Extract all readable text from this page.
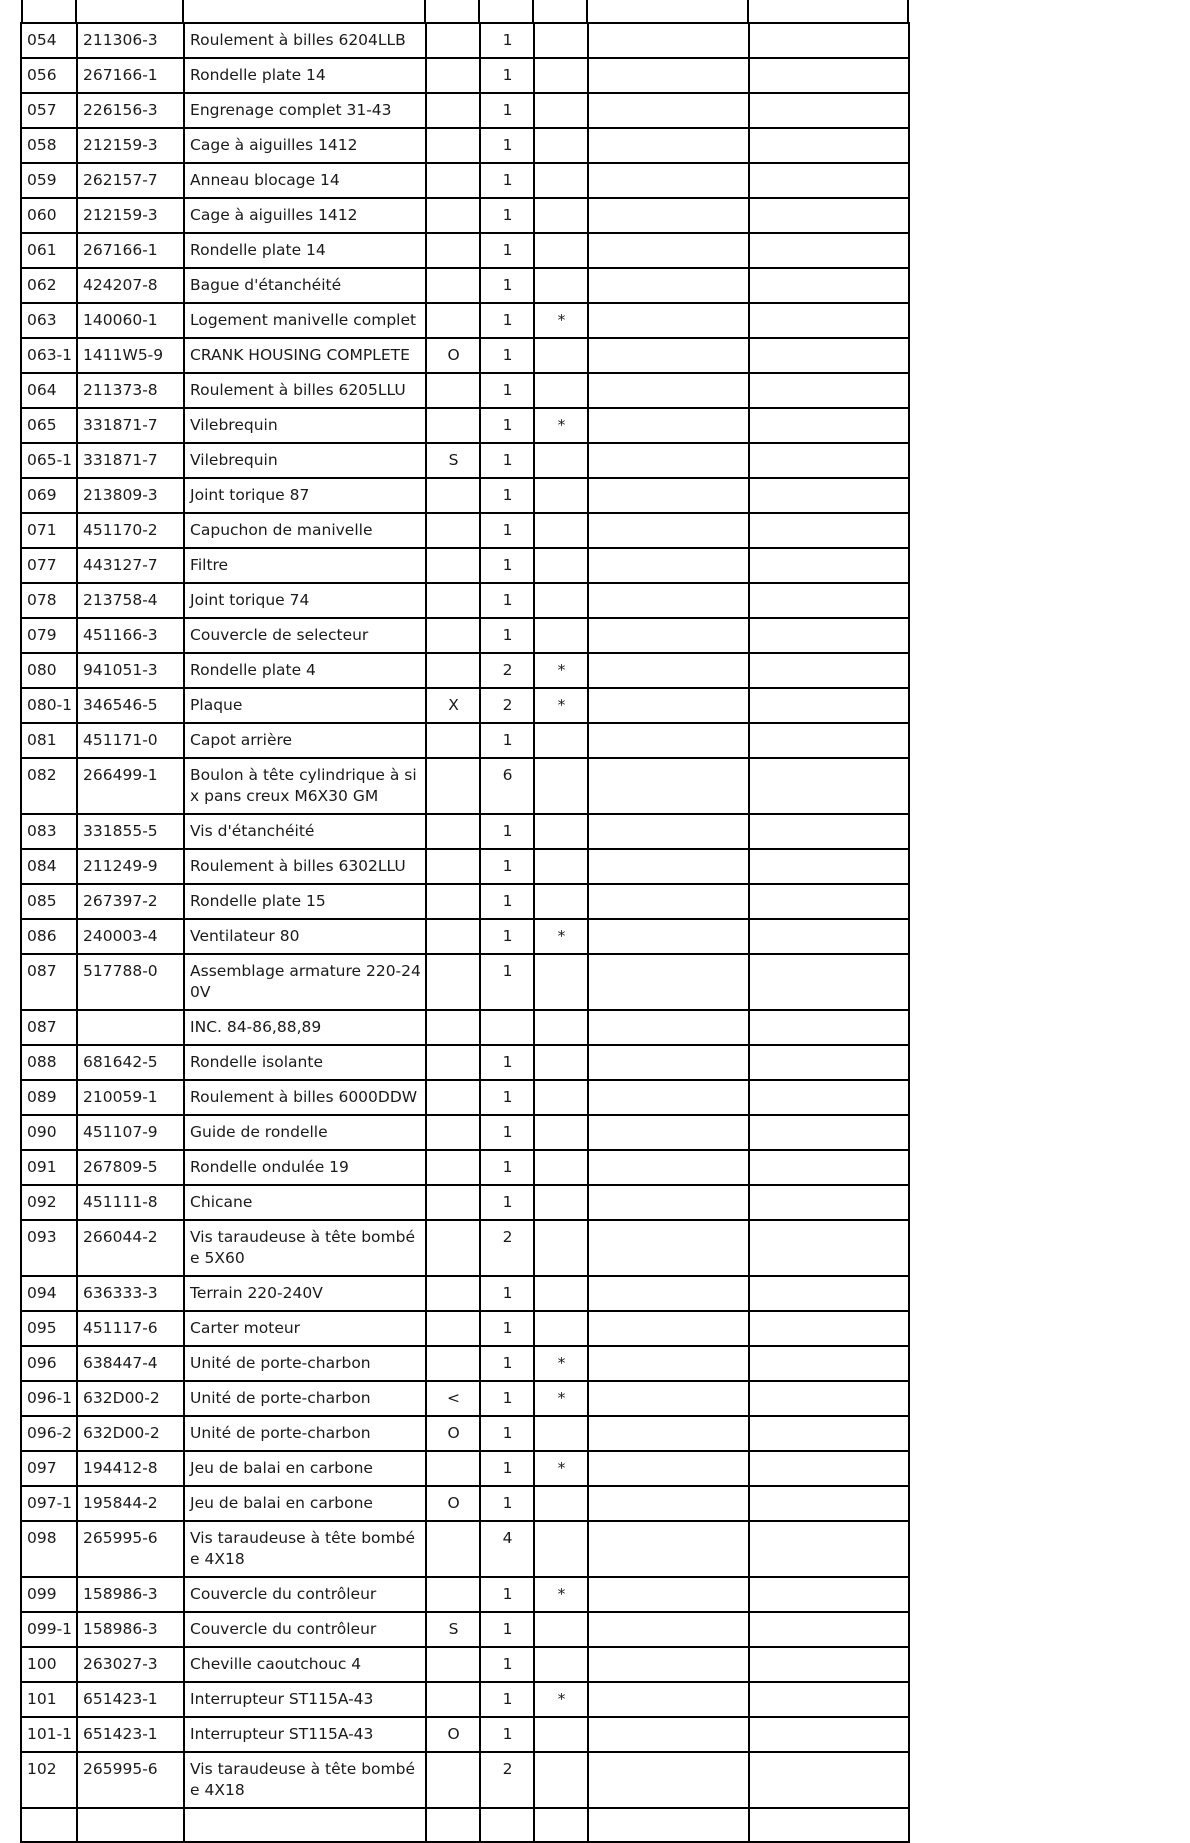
054	211306-3	Roulement à billes 6204LLB		1			
056	267166-1	Rondelle plate 14		1			
057	226156-3	Engrenage complet 31-43		1			
058	212159-3	Cage à aiguilles 1412		1			
059	262157-7	Anneau blocage 14		1			
060	212159-3	Cage à aiguilles 1412		1			
061	267166-1	Rondelle plate 14		1			
062	424207-8	Bague d'étanchéité		1			
063	140060-1	Logement manivelle complet		1	*		
063-1	1411W5-9	CRANK HOUSING COMPLETE	O	1			
064	211373-8	Roulement à billes 6205LLU		1			
065	331871-7	Vilebrequin		1	*		
065-1	331871-7	Vilebrequin	S	1			
069	213809-3	Joint torique 87		1			
071	451170-2	Capuchon de manivelle		1			
077	443127-7	Filtre		1			
078	213758-4	Joint torique 74		1			
079	451166-3	Couvercle de selecteur		1			
080	941051-3	Rondelle plate 4		2	*		
080-1	346546-5	Plaque	X	2	*		
081	451171-0	Capot arrière		1			
082	266499-1	Boulon à tête cylindrique à six pans creux M6X30 GM		6			
083	331855-5	Vis d'étanchéité		1			
084	211249-9	Roulement à billes 6302LLU		1			
085	267397-2	Rondelle plate 15		1			
086	240003-4	Ventilateur 80		1	*		
087	517788-0	Assemblage armature 220-240V		1			
087		INC. 84-86,88,89					
088	681642-5	Rondelle isolante		1			
089	210059-1	Roulement à billes 6000DDW		1			
090	451107-9	Guide de rondelle		1			
091	267809-5	Rondelle ondulée 19		1			
092	451111-8	Chicane		1			
093	266044-2	Vis taraudeuse à tête bombée 5X60		2			
094	636333-3	Terrain 220-240V		1			
095	451117-6	Carter moteur		1			
096	638447-4	Unité de porte-charbon		1	*		
096-1	632D00-2	Unité de porte-charbon	<	1	*		
096-2	632D00-2	Unité de porte-charbon	O	1			
097	194412-8	Jeu de balai en carbone		1	*		
097-1	195844-2	Jeu de balai en carbone	O	1			
098	265995-6	Vis taraudeuse à tête bombée 4X18		4			
099	158986-3	Couvercle du contrôleur		1	*		
099-1	158986-3	Couvercle du contrôleur	S	1			
100	263027-3	Cheville caoutchouc 4		1			
101	651423-1	Interrupteur ST115A-43		1	*		
101-1	651423-1	Interrupteur ST115A-43	O	1			
102	265995-6	Vis taraudeuse à tête bombée 4X18		2			
